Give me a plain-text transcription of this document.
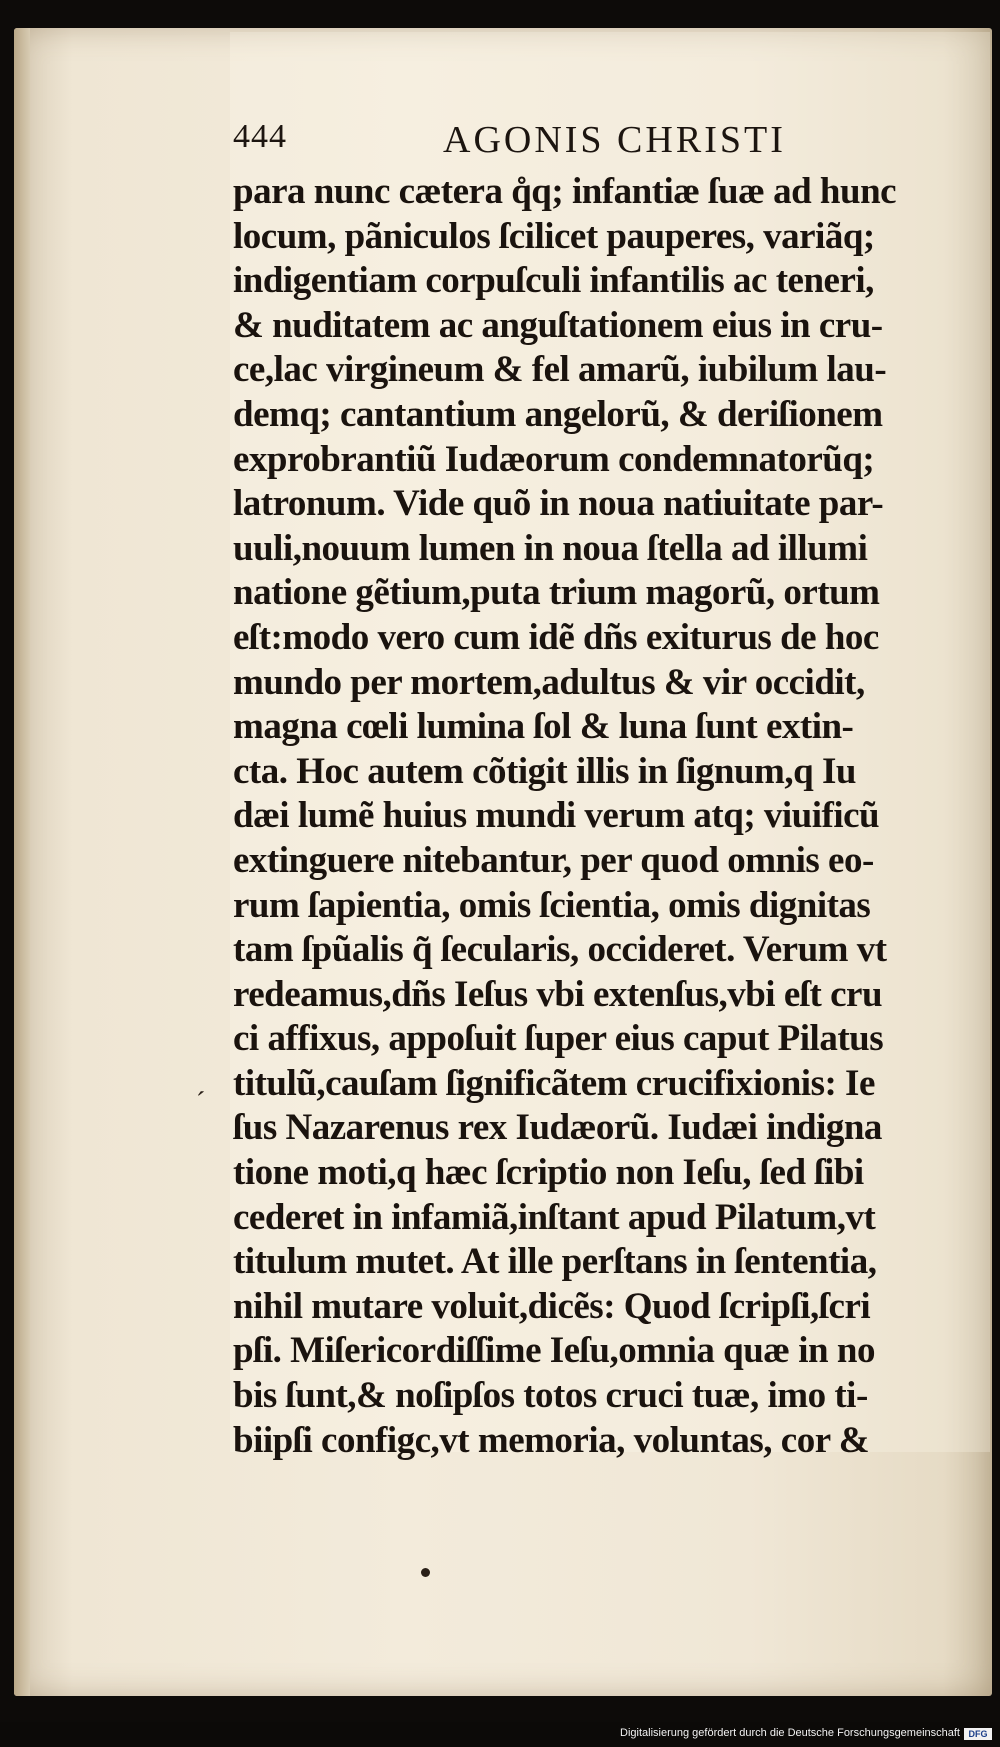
444	AGONIS CHRISTI
para nunc cætera q̊q; infantiæ ſuæ ad hunc
locum, pãniculos ſcilicet pauperes, variãq;
indigentiam corpuſculi infantilis ac teneri,
& nuditatem ac anguſtationem eius in cru-
ce,lac virgineum & fel amarũ, iubilum lau-
demq; cantantium angelorũ, & deriſionem
exprobrantiũ Iudæorum condemnatorũq;
latronum. Vide quõ in noua natiuitate par-
uuli,nouum lumen in noua ſtella ad illumi
natione gẽtium,puta trium magorũ, ortum
eſt:modo vero cum idẽ dñs exiturus de hoc
mundo per mortem,adultus & vir occidit,
magna cœli lumina ſol & luna ſunt extin-
cta. Hoc autem cõtigit illis in ſignum,q Iu
dæi lumẽ huius mundi verum atq; viuificũ
extinguere nitebantur, per quod omnis eo-
rum ſapientia, omis ſcientia, omis dignitas
tam ſpũalis q̃ ſecularis, occideret. Verum vt
redeamus,dñs Ieſus vbi extenſus,vbi eſt cru
ci affixus, appoſuit ſuper eius caput Pilatus
titulũ,cauſam ſignificãtem crucifixionis: Ie
ſus Nazarenus rex Iudæorũ. Iudæi indigna
tione moti,q hæc ſcriptio non Ieſu, ſed ſibi
cederet in infamiã,inſtant apud Pilatum,vt
titulum mutet. At ille perſtans in ſententia,
nihil mutare voluit,dicẽs: Quod ſcripſi,ſcri
pſi. Miſericordiſſime Ieſu,omnia quæ in no
bis ſunt,& noſipſos totos cruci tuæ, imo ti-
biipſi configc,vt memoria, voluntas, cor &
ˊ
Digitalisierung gefördert durch die Deutsche Forschungsgemeinschaft DFG
